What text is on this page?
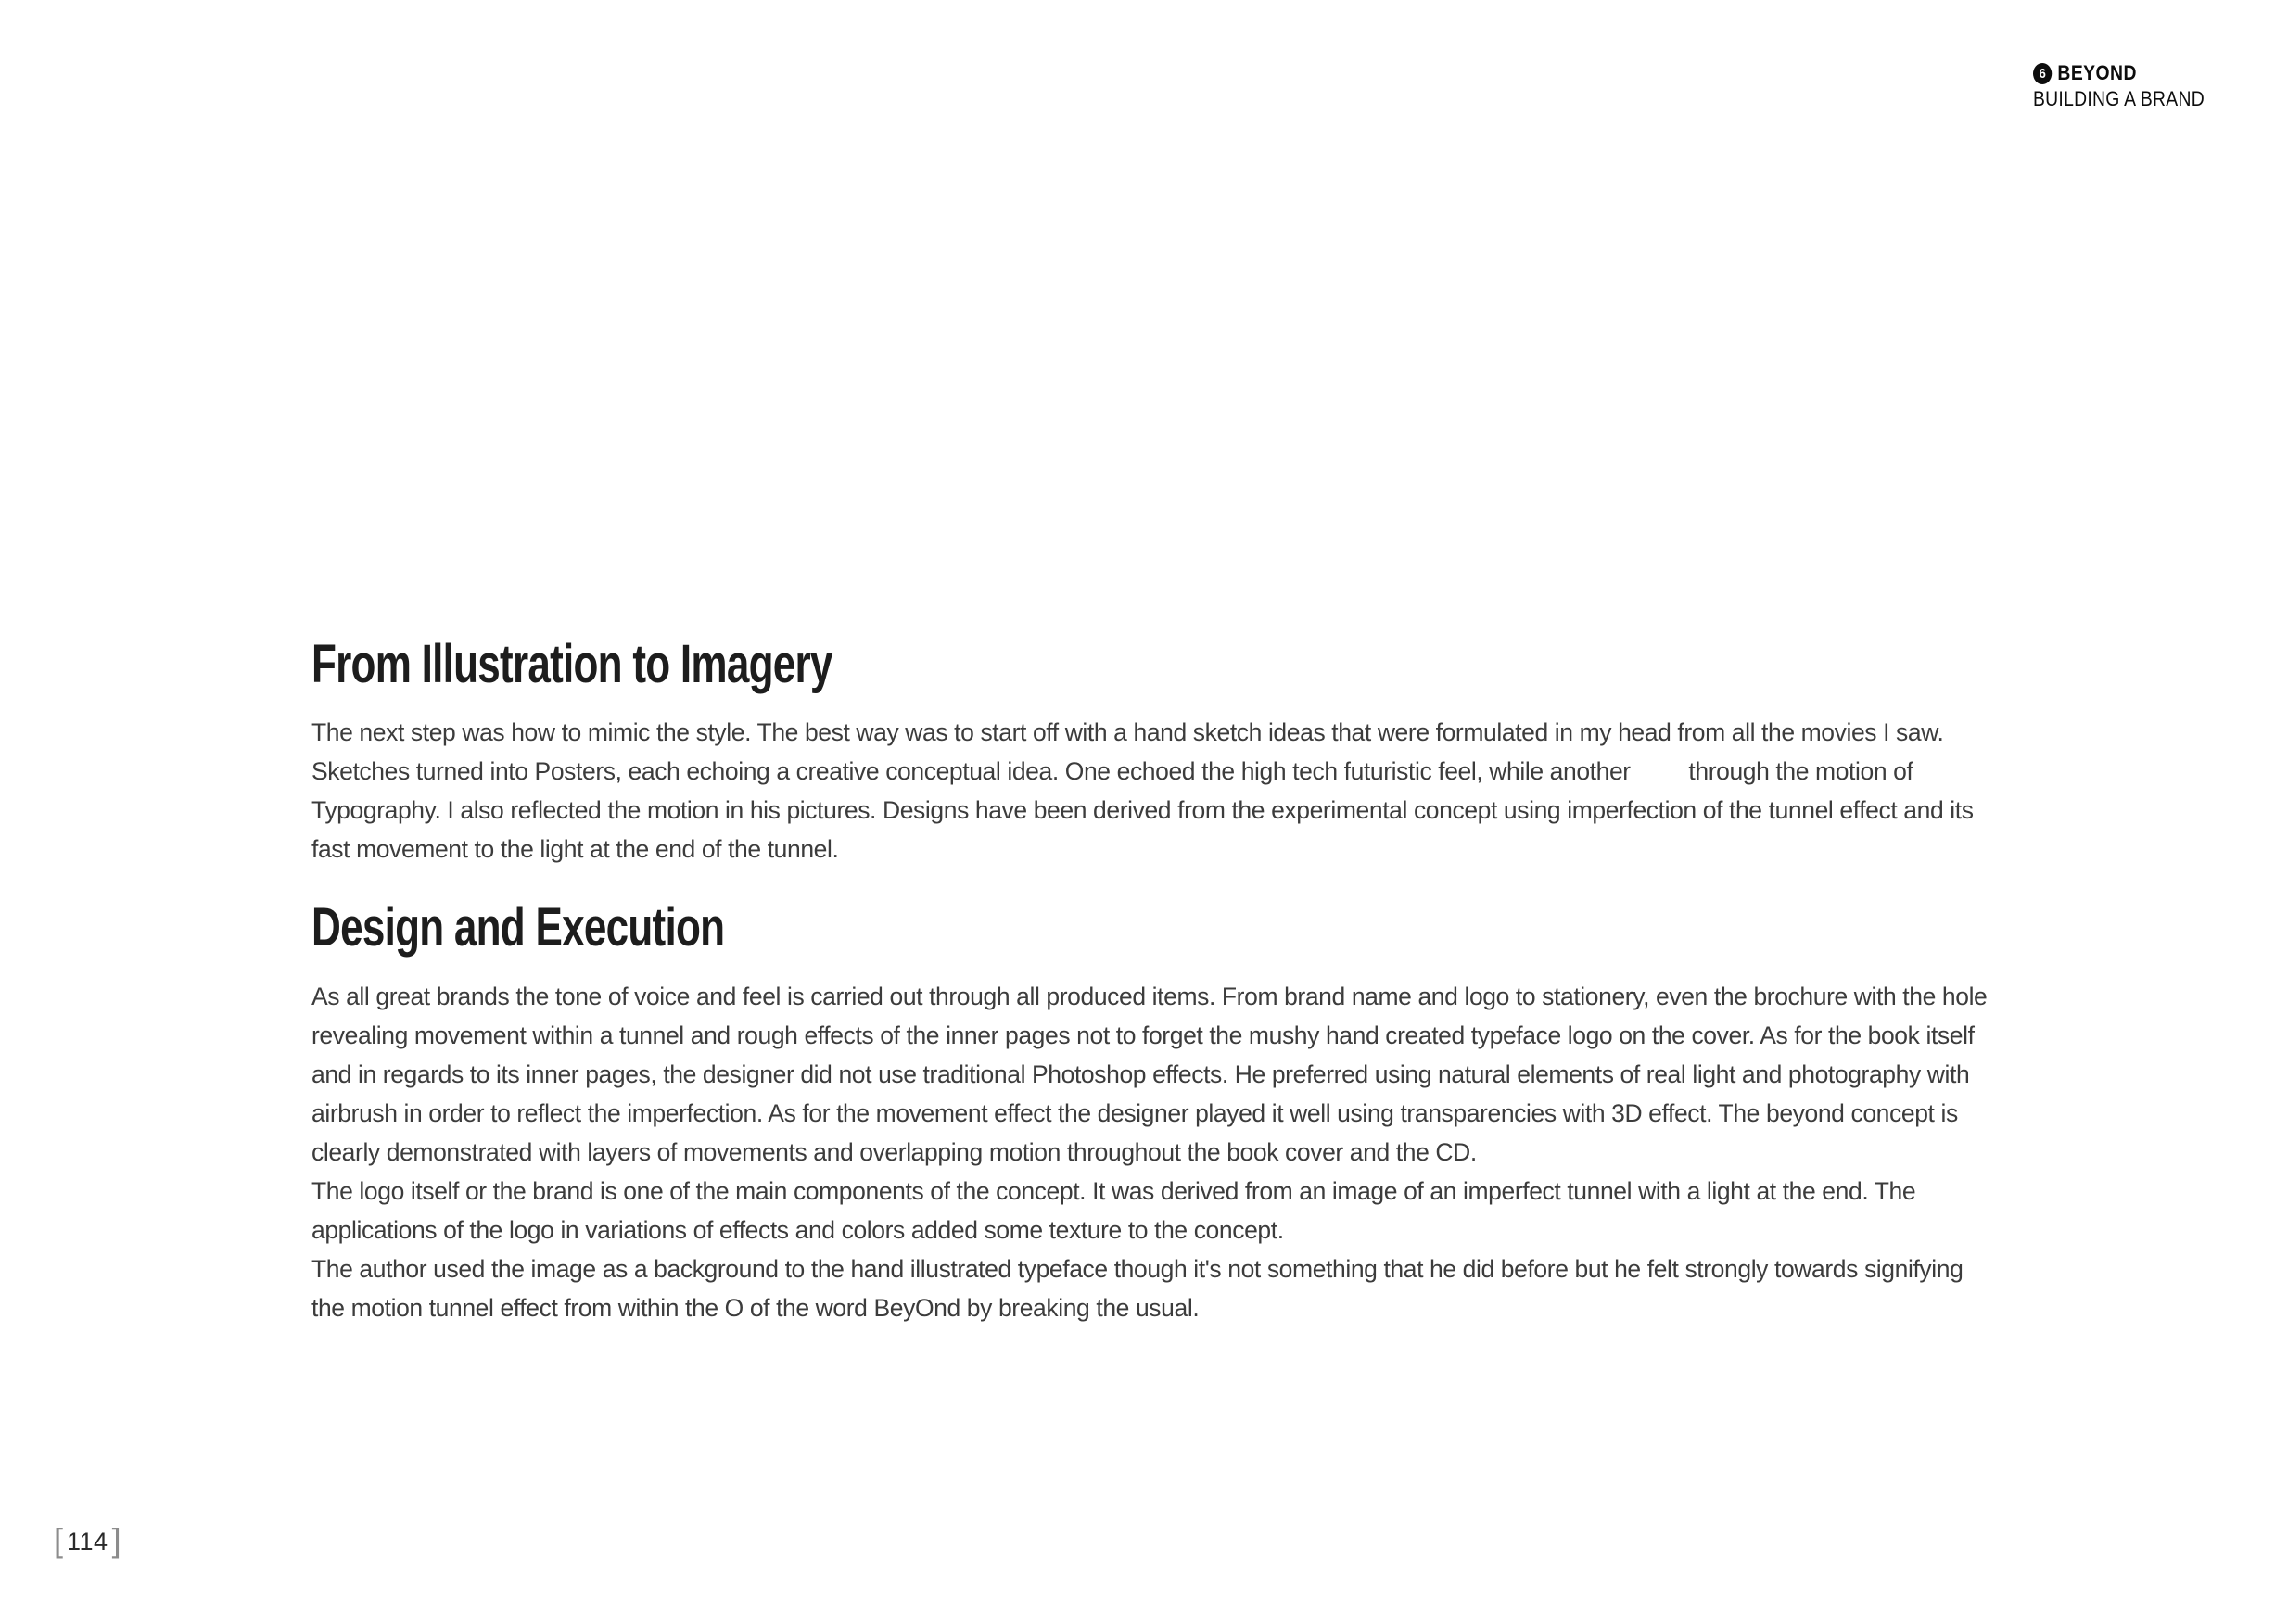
6 BEYOND
BUILDING A BRAND
From Illustration to Imagery
The next step was how to mimic the style. The best way was to start off with a hand sketch ideas that were formulated in my head from all the movies I saw.
Sketches turned into Posters, each echoing a creative conceptual idea. One echoed the high tech futuristic feel, while another         through the motion of
Typography. I also reflected the motion in his pictures. Designs have been derived from the experimental concept using imperfection of the tunnel effect and its
fast movement to the light at the end of the tunnel.
Design and Execution
As all great brands the tone of voice and feel is carried out through all produced items. From brand name and logo to stationery, even the brochure with the hole
revealing movement within a tunnel and rough effects of the inner pages not to forget the mushy hand created typeface logo on the cover. As for the book itself
and in regards to its inner pages, the designer did not use traditional Photoshop effects. He preferred using natural elements of real light and photography with
airbrush in order to reflect the imperfection. As for the movement effect the designer played it well using transparencies with 3D effect. The beyond concept is
clearly demonstrated with layers of movements and overlapping motion throughout the book cover and the CD.
The logo itself or the brand is one of the main components of the concept. It was derived from an image of an imperfect tunnel with a light at the end. The
applications of the logo in variations of effects and colors added some texture to the concept.
The author used the image as a background to the hand illustrated typeface though it's not something that he did before but he felt strongly towards signifying
the motion tunnel effect from within the O of the word BeyOnd by breaking the usual.
[ 114 ]
